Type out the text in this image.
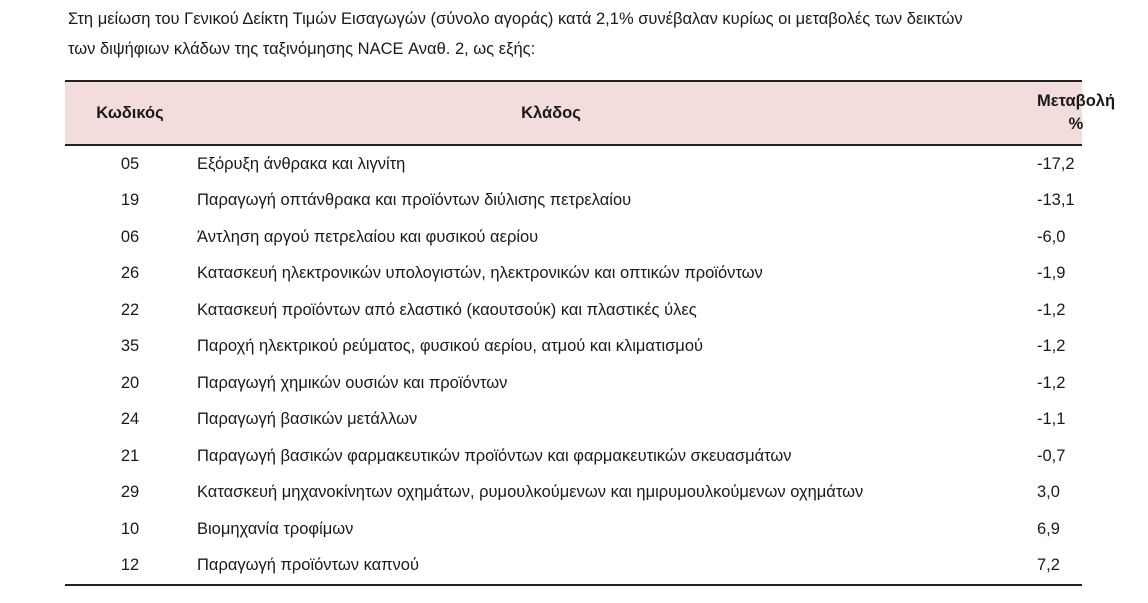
Στη μείωση του Γενικού Δείκτη Τιμών Εισαγωγών (σύνολο αγοράς) κατά 2,1% συνέβαλαν κυρίως οι μεταβολές των δεικτών

των διψήφιων κλάδων της ταξινόμησης NACE Αναθ. 2, ως εξής:

Κωδικός	Κλάδος	Μεταβολή
%
05	Εξόρυξη άνθρακα και λιγνίτη	-17,2
19	Παραγωγή οπτάνθρακα και προϊόντων διύλισης πετρελαίου	-13,1
06	Άντληση αργού πετρελαίου και φυσικού αερίου	-6,0
26	Κατασκευή ηλεκτρονικών υπολογιστών, ηλεκτρονικών και οπτικών προϊόντων	-1,9
22	Κατασκευή προϊόντων από ελαστικό (καουτσούκ) και πλαστικές ύλες	-1,2
35	Παροχή ηλεκτρικού ρεύματος, φυσικού αερίου, ατμού και κλιματισμού	-1,2
20	Παραγωγή χημικών ουσιών και προϊόντων	-1,2
24	Παραγωγή βασικών μετάλλων	-1,1
21	Παραγωγή βασικών φαρμακευτικών προϊόντων και φαρμακευτικών σκευασμάτων	-0,7
29	Κατασκευή μηχανοκίνητων οχημάτων, ρυμουλκούμενων και ημιρυμουλκούμενων οχημάτων	3,0
10	Βιομηχανία τροφίμων	6,9
12	Παραγωγή προϊόντων καπνού	7,2
